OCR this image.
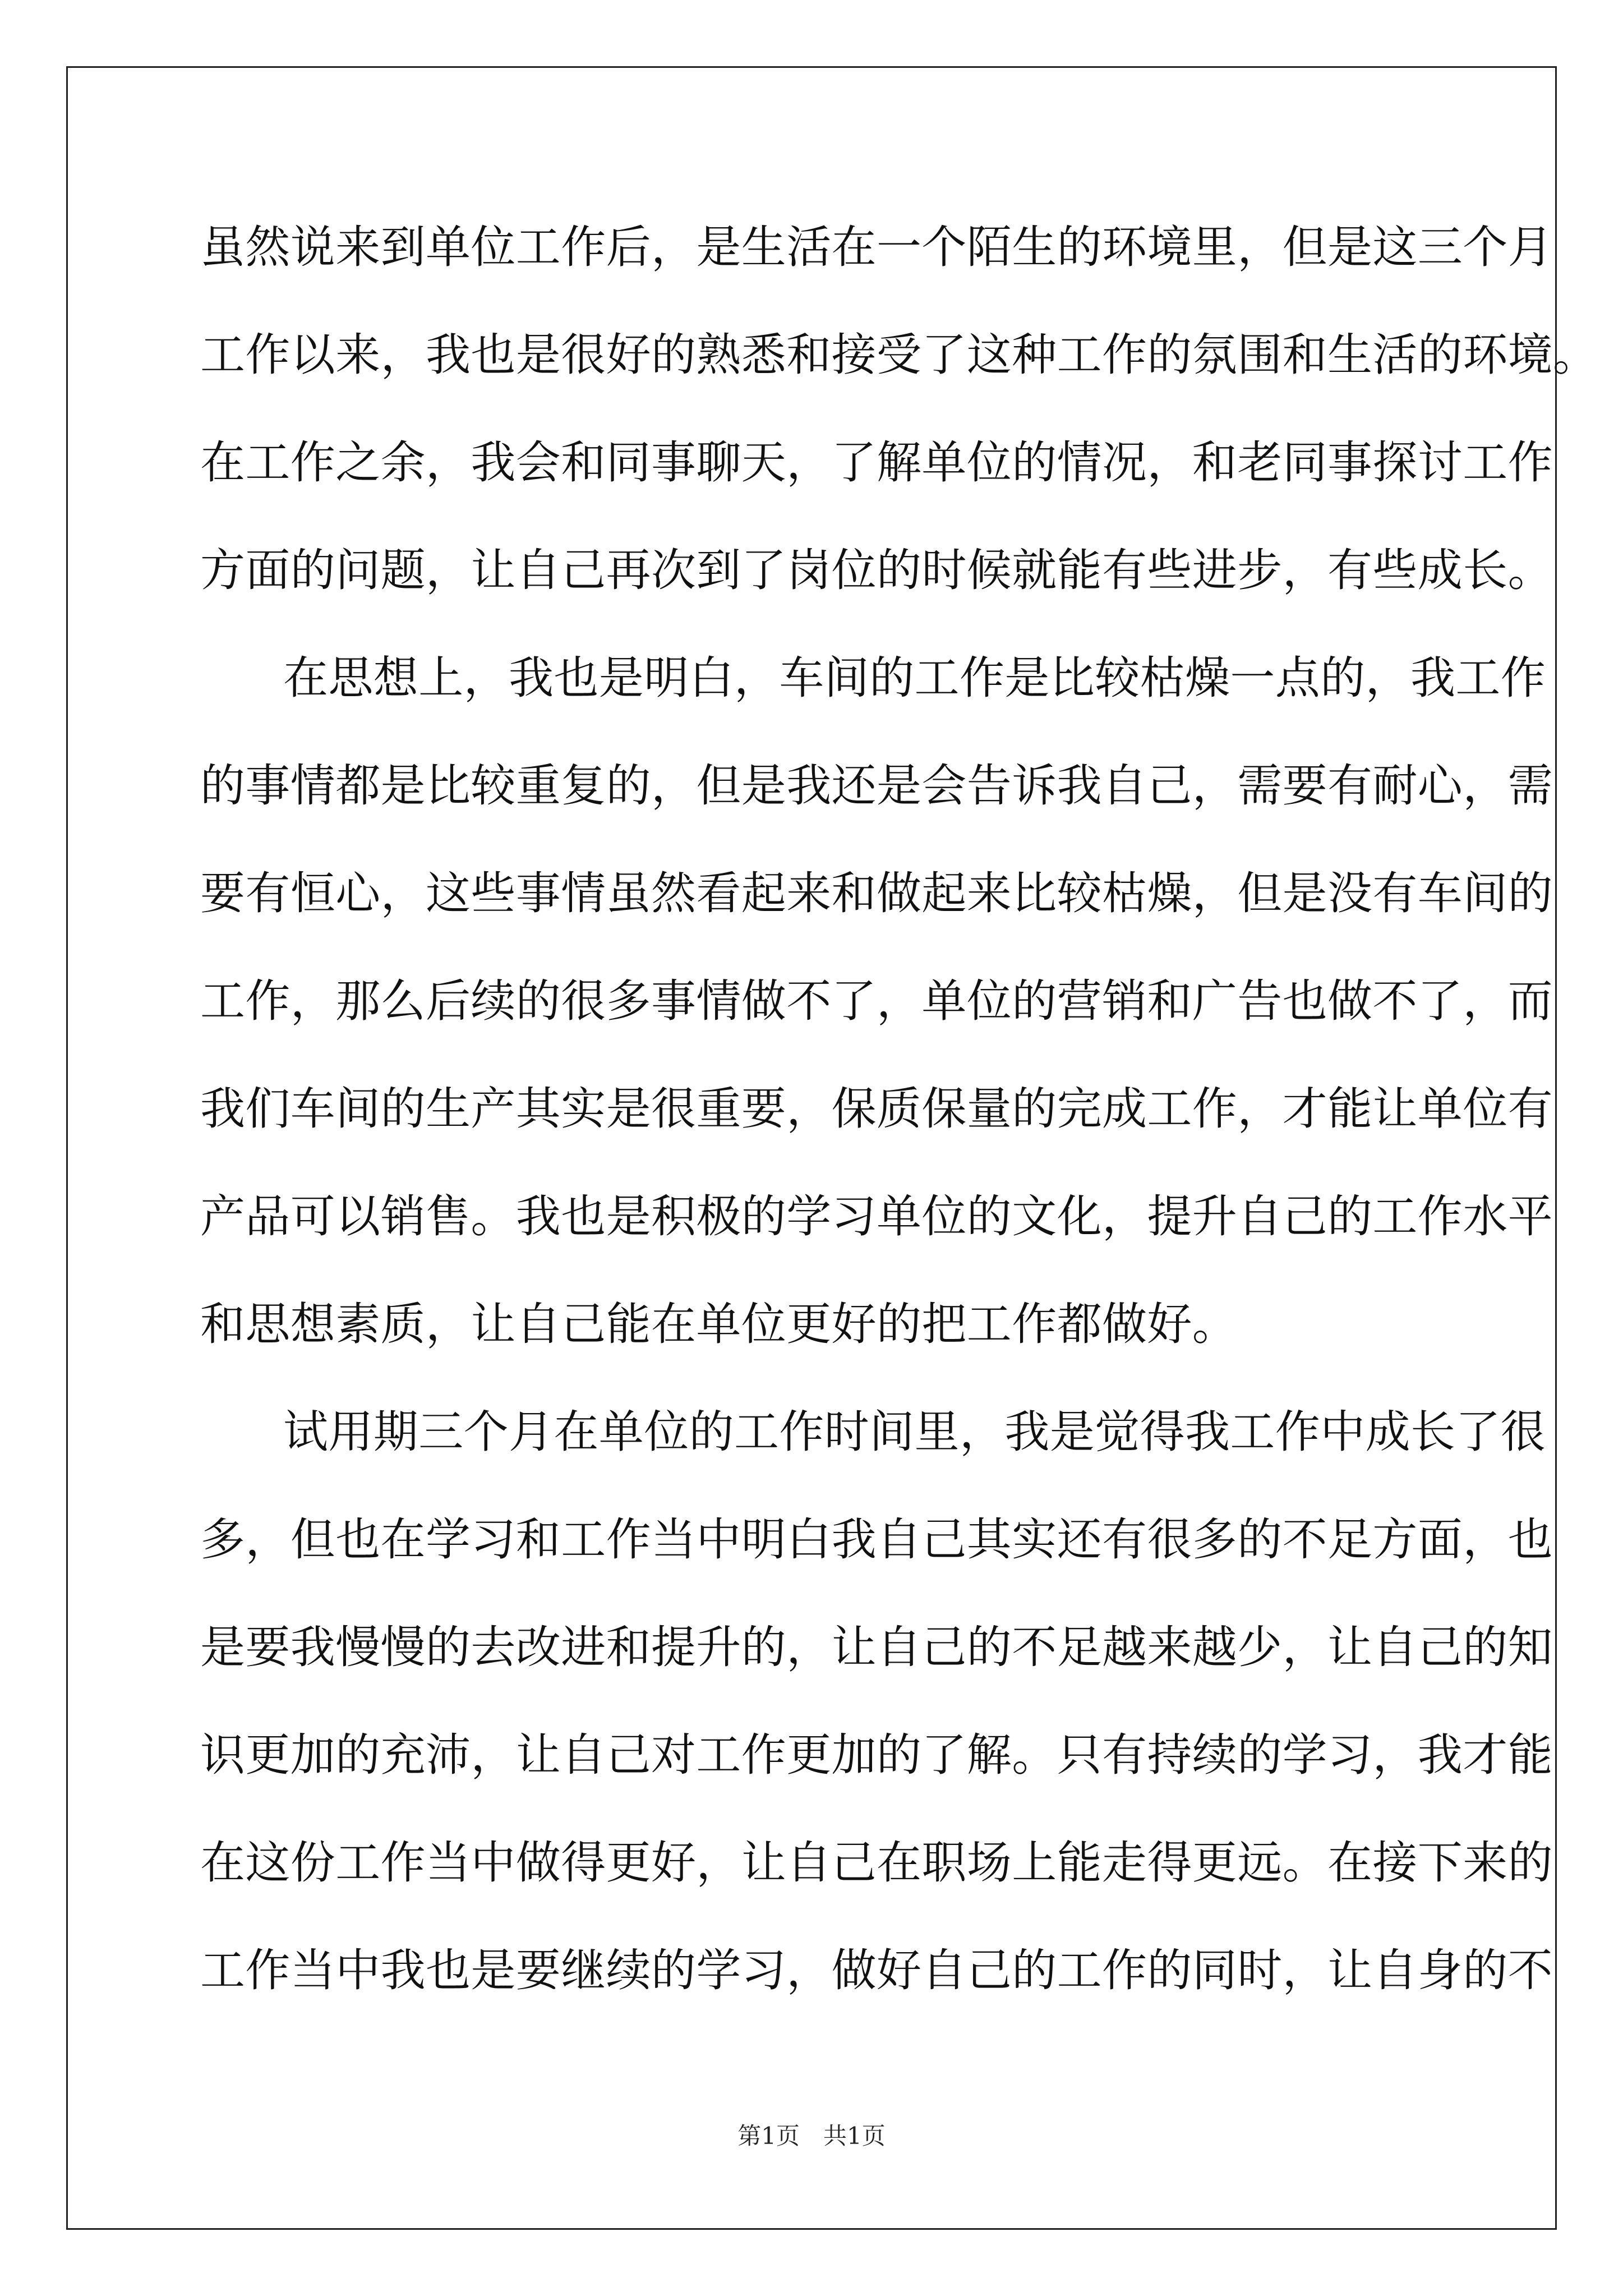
虽然说来到单位工作后，是生活在一个陌生的环境里，但是这三个月
工作以来，我也是很好的熟悉和接受了这种工作的氛围和生活的环境。
在工作之余，我会和同事聊天，了解单位的情况，和老同事探讨工作
方面的问题，让自己再次到了岗位的时候就能有些进步，有些成长。
在思想上，我也是明白，车间的工作是比较枯燥一点的，我工作
的事情都是比较重复的，但是我还是会告诉我自己，需要有耐心，需
要有恒心，这些事情虽然看起来和做起来比较枯燥，但是没有车间的
工作，那么后续的很多事情做不了，单位的营销和广告也做不了，而
我们车间的生产其实是很重要，保质保量的完成工作，才能让单位有
产品可以销售。我也是积极的学习单位的文化，提升自己的工作水平
和思想素质，让自己能在单位更好的把工作都做好。
试用期三个月在单位的工作时间里，我是觉得我工作中成长了很
多，但也在学习和工作当中明白我自己其实还有很多的不足方面，也
是要我慢慢的去改进和提升的，让自己的不足越来越少，让自己的知
识更加的充沛，让自己对工作更加的了解。只有持续的学习，我才能
在这份工作当中做得更好，让自己在职场上能走得更远。在接下来的
工作当中我也是要继续的学习，做好自己的工作的同时，让自身的不
第1页 共1页
